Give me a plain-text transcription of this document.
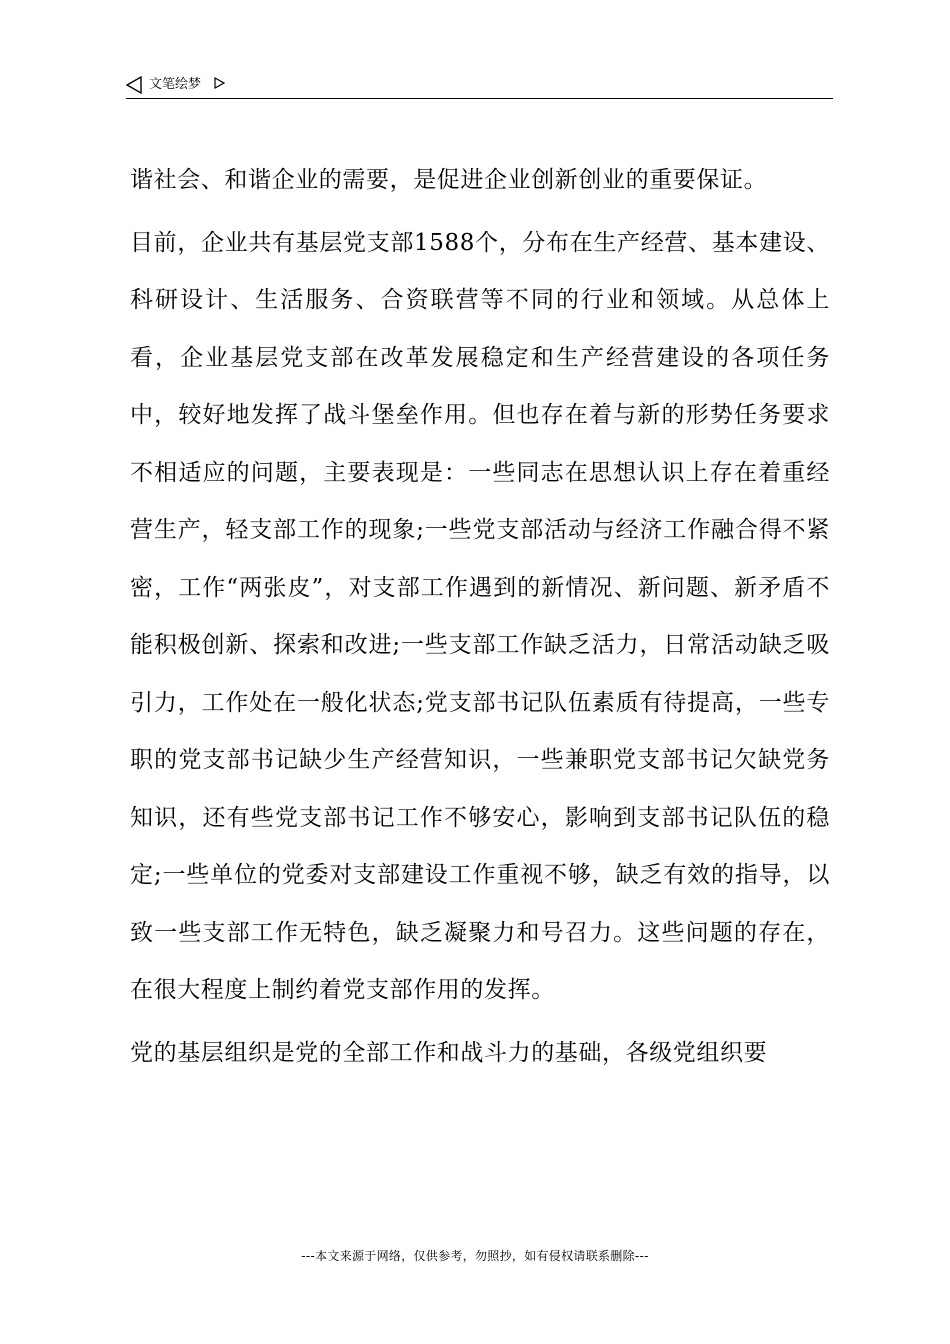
文笔绘梦

谐社会、和谐企业的需要，是促进企业创新创业的重要保证。

目前，企业共有基层党支部1588个，分布在生产经营、基本建设、科研设计、生活服务、合资联营等不同的行业和领域。从总体上看，企业基层党支部在改革发展稳定和生产经营建设的各项任务中，较好地发挥了战斗堡垒作用。但也存在着与新的形势任务要求不相适应的问题，主要表现是：一些同志在思想认识上存在着重经营生产，轻支部工作的现象;一些党支部活动与经济工作融合得不紧密，工作“两张皮”，对支部工作遇到的新情况、新问题、新矛盾不能积极创新、探索和改进;一些支部工作缺乏活力，日常活动缺乏吸引力，工作处在一般化状态;党支部书记队伍素质有待提高，一些专职的党支部书记缺少生产经营知识，一些兼职党支部书记欠缺党务知识，还有些党支部书记工作不够安心，影响到支部书记队伍的稳定;一些单位的党委对支部建设工作重视不够，缺乏有效的指导，以致一些支部工作无特色，缺乏凝聚力和号召力。这些问题的存在，在很大程度上制约着党支部作用的发挥。

党的基层组织是党的全部工作和战斗力的基础，各级党组织要

---本文来源于网络，仅供参考，勿照抄，如有侵权请联系删除---
